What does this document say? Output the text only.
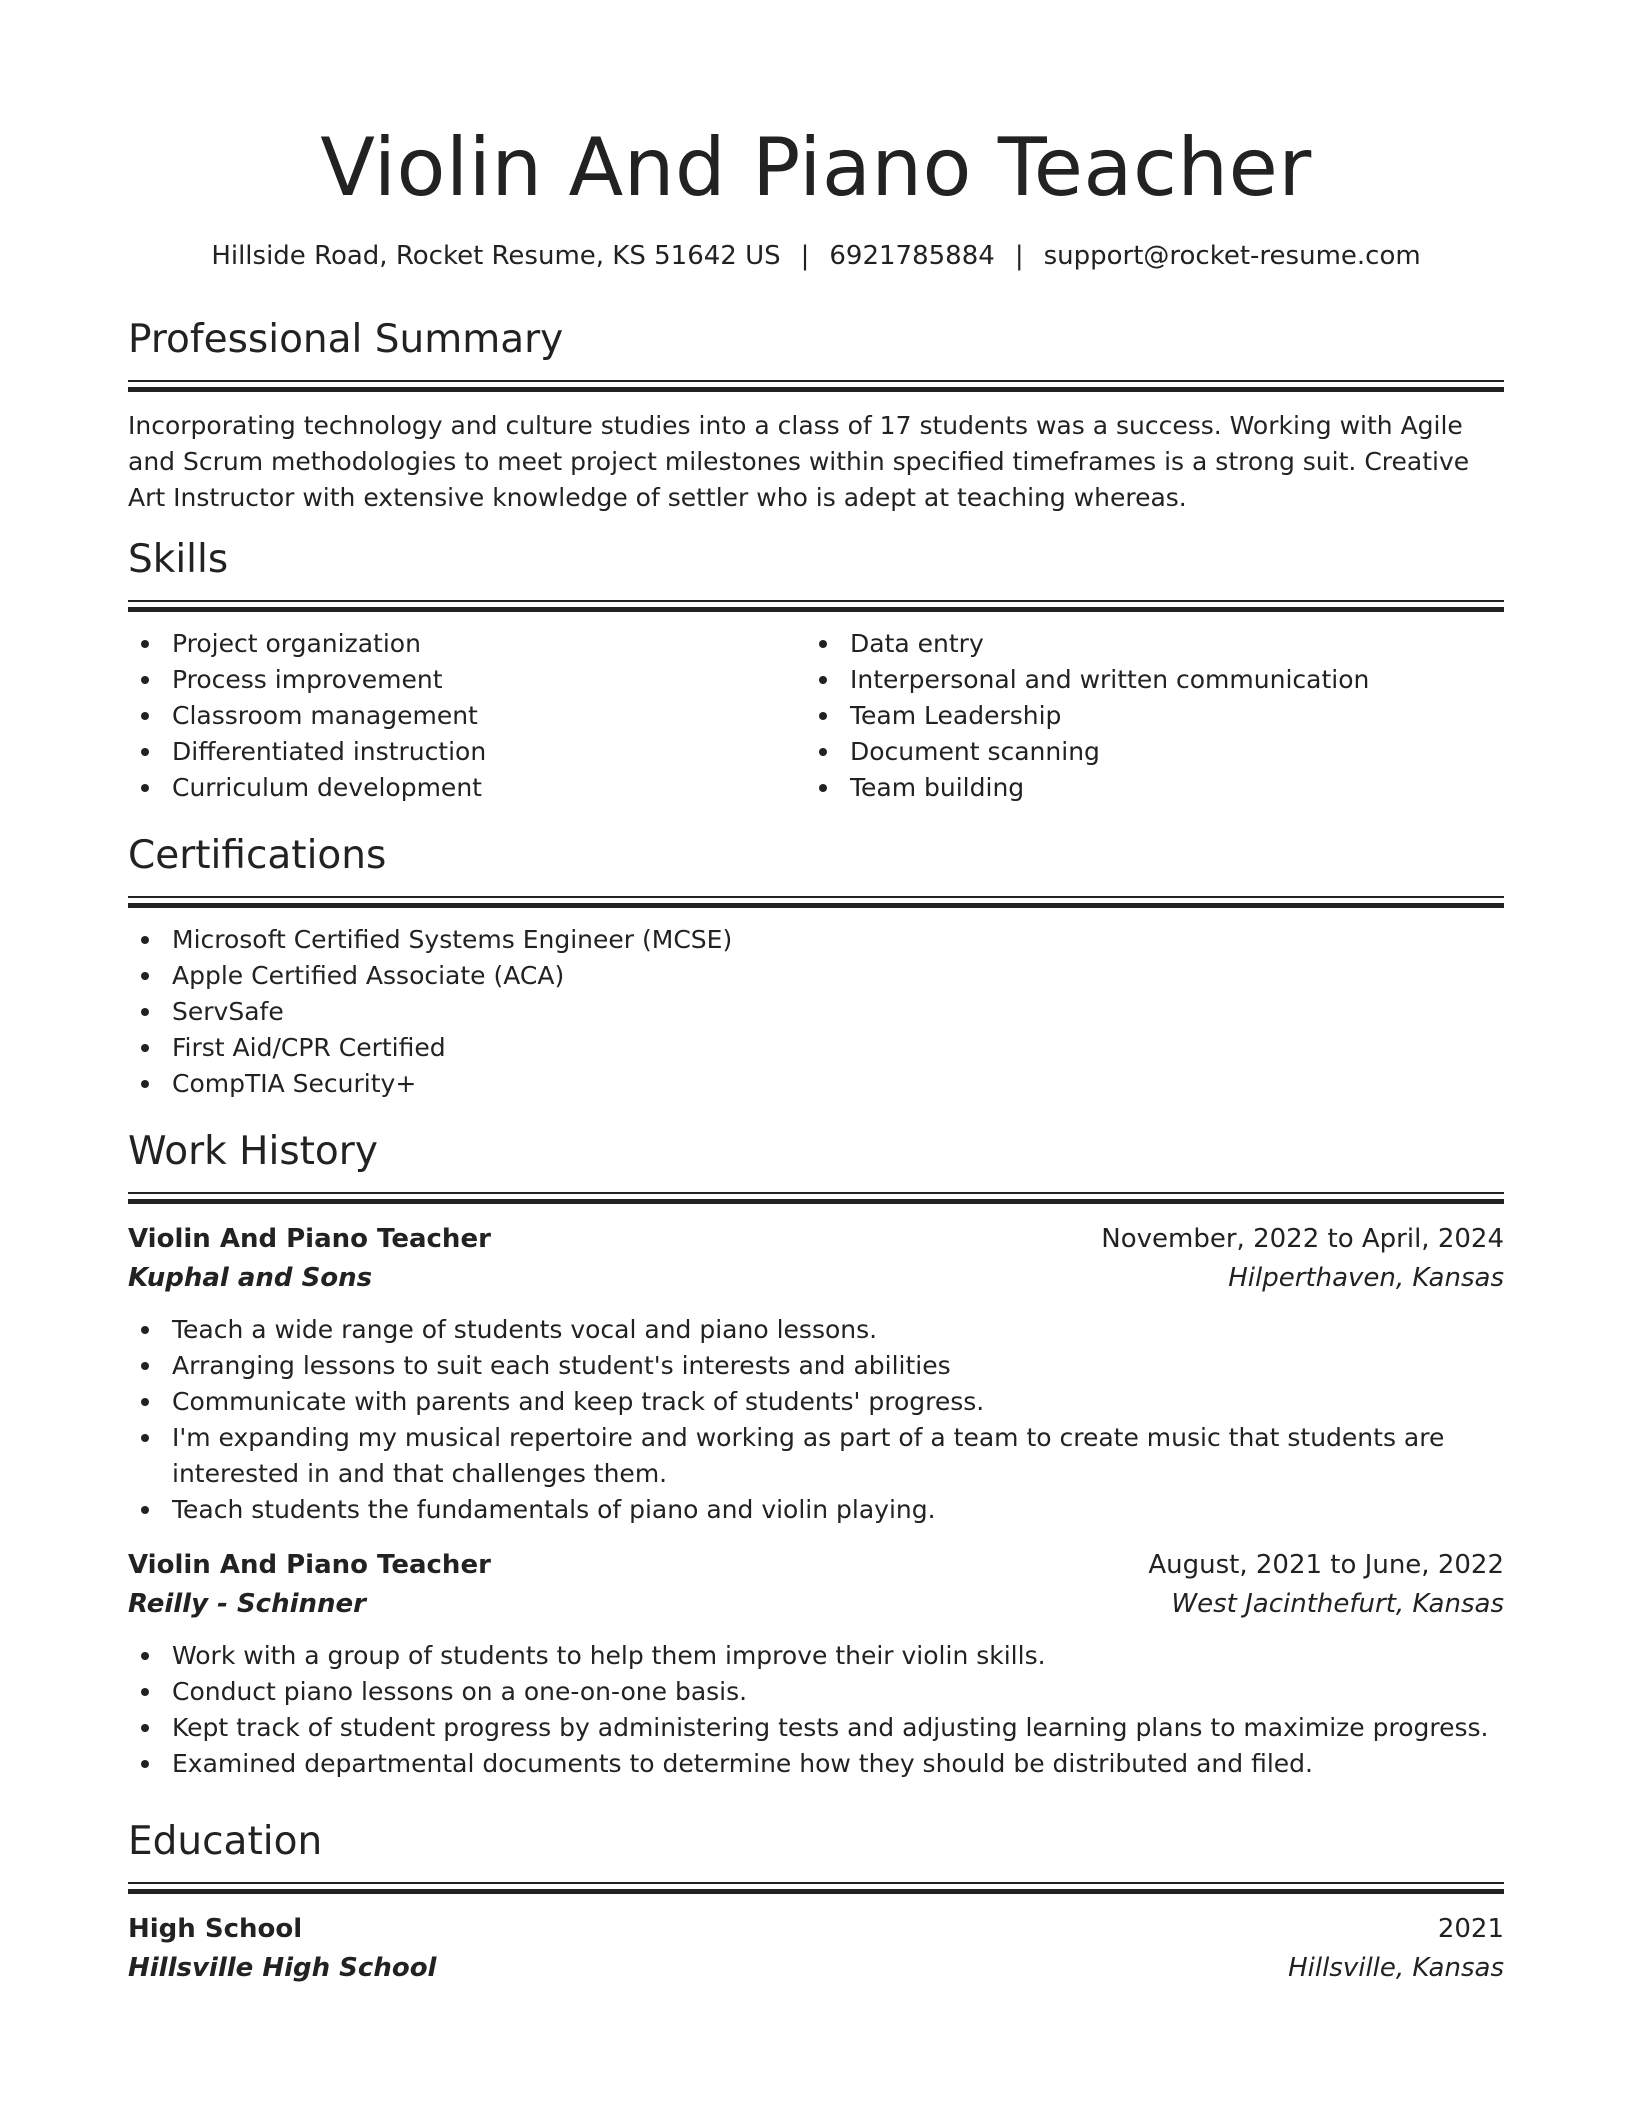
Violin And Piano Teacher
Hillside Road, Rocket Resume, KS 51642 US | 6921785884 | support@rocket-resume.com
Professional Summary
Incorporating technology and culture studies into a class of 17 students was a success. Working with Agile and Scrum methodologies to meet project milestones within specified timeframes is a strong suit. Creative Art Instructor with extensive knowledge of settler who is adept at teaching whereas.
Skills
Project organization
Process improvement
Classroom management
Differentiated instruction
Curriculum development
Data entry
Interpersonal and written communication
Team Leadership
Document scanning
Team building
Certifications
Microsoft Certified Systems Engineer (MCSE)
Apple Certified Associate (ACA)
ServSafe
First Aid/CPR Certified
CompTIA Security+
Work History
Violin And Piano Teacher	November, 2022 to April, 2024
Kuphal and Sons	Hilperthaven, Kansas
Teach a wide range of students vocal and piano lessons.
Arranging lessons to suit each student's interests and abilities
Communicate with parents and keep track of students' progress.
I'm expanding my musical repertoire and working as part of a team to create music that students are interested in and that challenges them.
Teach students the fundamentals of piano and violin playing.
Violin And Piano Teacher	August, 2021 to June, 2022
Reilly - Schinner	West Jacinthefurt, Kansas
Work with a group of students to help them improve their violin skills.
Conduct piano lessons on a one-on-one basis.
Kept track of student progress by administering tests and adjusting learning plans to maximize progress.
Examined departmental documents to determine how they should be distributed and filed.
Education
High School	2021
Hillsville High School	Hillsville, Kansas
